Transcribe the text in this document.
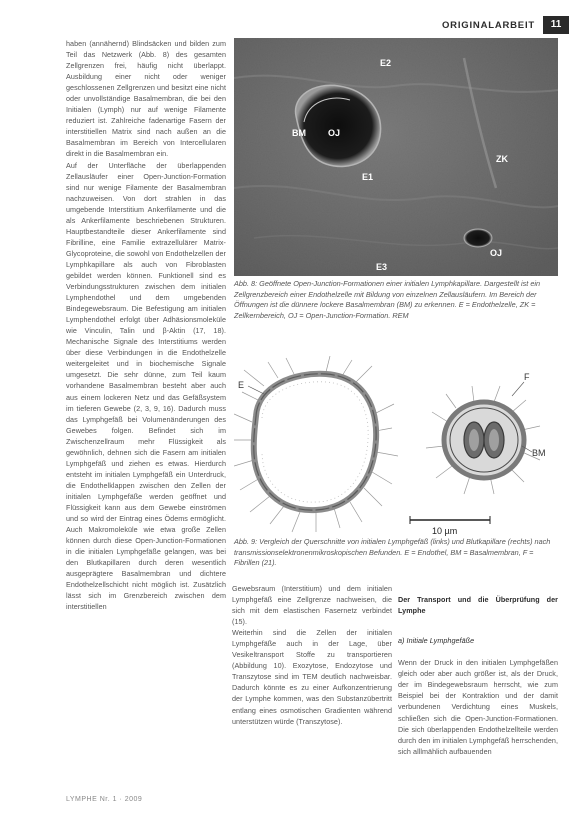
ORIGINALARBEIT	11
haben (annähernd) Blindsäcken und bilden zum Teil das Netzwerk (Abb. 8) des gesamten Zellgrenzen frei, häufig nicht überlappt. Ausbildung einer nicht oder weniger geschlossenen Zellgrenzen und besitzt eine nicht oder unvollständige Basalmembran, die bei den Initialen (Lymph) nur auf wenige Filamente reduziert ist. Zahlreiche fadenartige Fasern der interstitiellen Matrix sind nach außen an die Basalmembran im Bereich von Intercellularen direkt in die Basalmembran ein.
Auf der Unterfläche der überlappenden Zellausläufer einer Open-Junction-Formation sind nur wenige Filamente der Basalmembran nachzuweisen. Von dort strahlen in das umgebende Interstitium Ankerfilamente und die als Ankerfilamente beschriebenen Strukturen. Hauptbestandteile dieser Ankerfilamente sind Fibrilline, eine Familie extrazellulärer Matrix-Glycoproteine, die sowohl von Endothelzellen der Lymphkapillare als auch von Fibroblasten gebildet werden können. Funktionell sind es Verbindungsstrukturen zwischen dem initialen Lymphendothel und dem umgebenden Bindegewebsraum. Die Befestigung am initialen Lymphendothel erfolgt über Adhäsionsmoleküle wie Vinculin, Talin und β-Aktin (17, 18). Mechanische Signale des Interstitiums werden über diese Verbindungen in die Endothelzelle weitergeleitet und in biochemische Signale umgesetzt. Die sehr dünne, zum Teil kaum vorhandene Basalmembran besteht aber auch aus einem lockeren Netz und das Gefäßsystem im tieferen Gewebe (2, 3, 9, 16). Dadurch muss das Lymphgefäß bei Volumenänderungen des Gewebes folgen. Befindet sich im Zwischenzellraum mehr Flüssigkeit als gewöhnlich, dehnen sich die Fasern am initialen Lymphgefäß und ziehen es etwas. Hierdurch entsteht im initialen Lymphgefäß ein Unterdruck, die Endothelklappen zwischen den Zellen der initialen Lymphgefäße werden geöffnet und Flüssigkeit kann aus dem Gewebe einströmen und so wird der Eintrag eines Ödems ermöglicht. Auch Makromoleküle wie etwa große Zellen können durch diese Open-Junction-Formationen in die initialen Lymphgefäße gelangen, was bei den Blutkapillaren durch deren wesentlich ausgeprägtere Basalmembran und dichtere Endothelzellschicht nicht möglich ist. Zusätzlich lässt sich im Grenzbereich zwischen dem interstitiellen
E2
BM OJ
ZK
E1
OJ
E3
Abb. 8: Geöffnete Open-Junction-Formationen einer initialen Lymphkapillare. Dargestellt ist ein Zellgrenzbereich einer Endothelzelle mit Bildung von einzelnen Zellausläufern. Im Bereich der Öffnungen ist die dünnere lockere Basalmembran (BM) zu erkennen. E = Endothelzelle, ZK = Zellkernbereich, OJ = Open-Junction-Formation. REM
E
F
BM
10 µm
Abb. 9: Vergleich der Querschnitte von initialen Lymphgefäß (links) und Blutkapillare (rechts) nach transmissionselektronenmikroskopischen Befunden. E = Endothel, BM = Basalmembran, F = Fibrillen (21).
Gewebsraum (Interstitium) und dem initialen Lymphgefäß eine Zellgrenze nachweisen, die sich mit dem elastischen Fasernetz verbindet (15).
Weiterhin sind die Zellen der initialen Lymphgefäße auch in der Lage, über Vesikeltransport Stoffe zu transportieren (Abbildung 10). Exozytose, Endozytose und Transzytose sind im TEM deutlich nachweisbar. Dadurch könnte es zu einer Aufkonzentrierung der Lymphe kommen, was den Substanzübertritt entlang eines osmotischen Gradienten während unterstützen würde (Transzytose).

Der Transport und die Überprüfung der Lymphe

a) Initiale Lymphgefäße

Wenn der Druck in den initialen Lymphgefäßen gleich oder aber auch größer ist, als der Druck, der im Bindegewebsraum herrscht, wie zum Beispiel bei der Kontraktion und der damit verbundenen Verdichtung eines Muskels, schließen sich die Open-Junction-Formationen. Die sich überlappenden Endothelzellteile werden durch den im initialen Lymphgefäß herrschenden, sich alllmählich aufbauenden

LYMPHE Nr. 1 · 2009
